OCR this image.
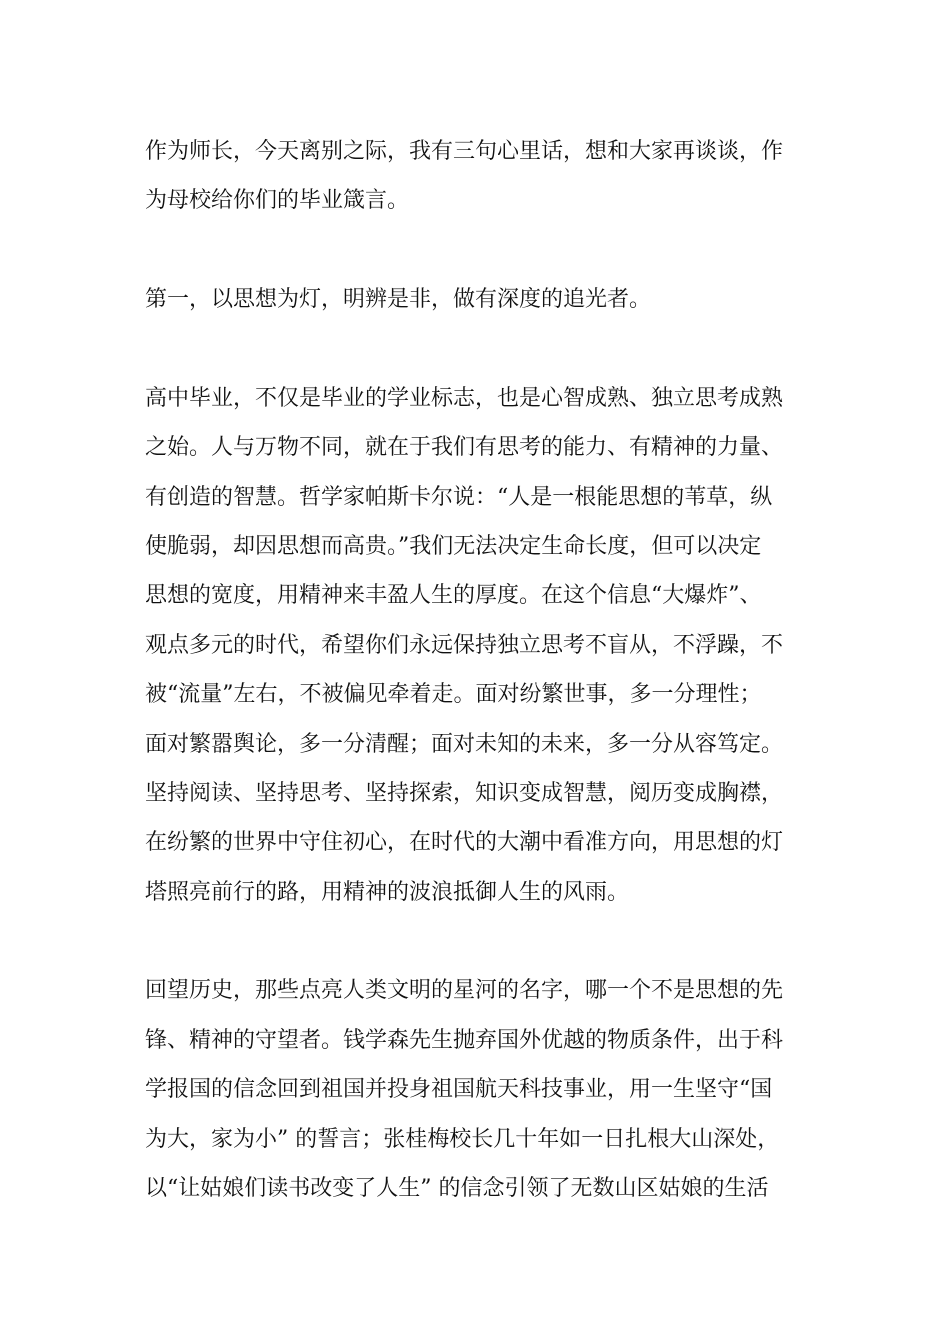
作为师长，今天离别之际，我有三句心里话，想和大家再谈谈，作

为母校给你们的毕业箴言。

第一，以思想为灯，明辨是非，做有深度的追光者。

高中毕业，不仅是毕业的学业标志，也是心智成熟、独立思考成熟

之始。人与万物不同，就在于我们有思考的能力、有精神的力量、

有创造的智慧。哲学家帕斯卡尔说：“人是一根能思想的苇草，纵

使脆弱，却因思想而高贵。”我们无法决定生命长度，但可以决定

思想的宽度，用精神来丰盈人生的厚度。在这个信息“大爆炸”、

观点多元的时代，希望你们永远保持独立思考不盲从，不浮躁，不

被“流量”左右，不被偏见牵着走。面对纷繁世事，多一分理性；

面对繁嚣舆论，多一分清醒；面对未知的未来，多一分从容笃定。

坚持阅读、坚持思考、坚持探索，知识变成智慧，阅历变成胸襟，

在纷繁的世界中守住初心，在时代的大潮中看准方向，用思想的灯

塔照亮前行的路，用精神的波浪抵御人生的风雨。

回望历史，那些点亮人类文明的星河的名字，哪一个不是思想的先

锋、精神的守望者。钱学森先生抛弃国外优越的物质条件，出于科

学报国的信念回到祖国并投身祖国航天科技事业，用一生坚守“国

为大，家为小” 的誓言；张桂梅校长几十年如一日扎根大山深处，

以“让姑娘们读书改变了人生” 的信念引领了无数山区姑娘的生活
